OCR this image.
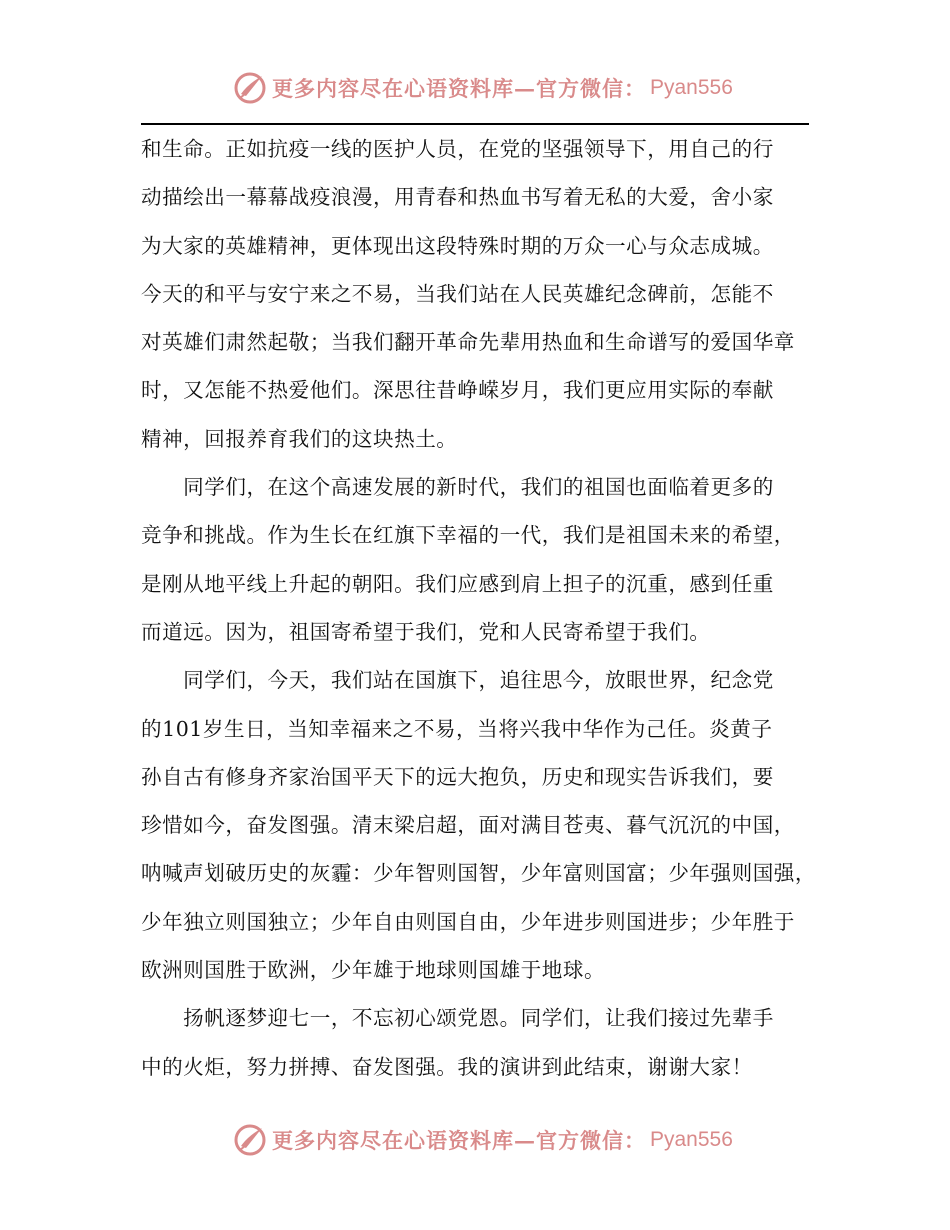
更多内容尽在心语资料库—官方微信： Pyan556
和生命。正如抗疫一线的医护人员，在党的坚强领导下，用自己的行
动描绘出一幕幕战疫浪漫，用青春和热血书写着无私的大爱，舍小家
为大家的英雄精神，更体现出这段特殊时期的万众一心与众志成城。
今天的和平与安宁来之不易，当我们站在人民英雄纪念碑前，怎能不
对英雄们肃然起敬；当我们翻开革命先辈用热血和生命谱写的爱国华章
时，又怎能不热爱他们。深思往昔峥嵘岁月，我们更应用实际的奉献
精神，回报养育我们的这块热土。
　　同学们，在这个高速发展的新时代，我们的祖国也面临着更多的
竞争和挑战。作为生长在红旗下幸福的一代，我们是祖国未来的希望，
是刚从地平线上升起的朝阳。我们应感到肩上担子的沉重，感到任重
而道远。因为，祖国寄希望于我们，党和人民寄希望于我们。
　　同学们，今天，我们站在国旗下，追往思今，放眼世界，纪念党
的101岁生日，当知幸福来之不易，当将兴我中华作为己任。炎黄子
孙自古有修身齐家治国平天下的远大抱负，历史和现实告诉我们，要
珍惜如今，奋发图强。清末梁启超，面对满目苍夷、暮气沉沉的中国，
呐喊声划破历史的灰霾：少年智则国智，少年富则国富；少年强则国强，
少年独立则国独立；少年自由则国自由，少年进步则国进步；少年胜于
欧洲则国胜于欧洲，少年雄于地球则国雄于地球。
　　扬帆逐梦迎七一，不忘初心颂党恩。同学们，让我们接过先辈手
中的火炬，努力拼搏、奋发图强。我的演讲到此结束，谢谢大家！
更多内容尽在心语资料库—官方微信： Pyan556
